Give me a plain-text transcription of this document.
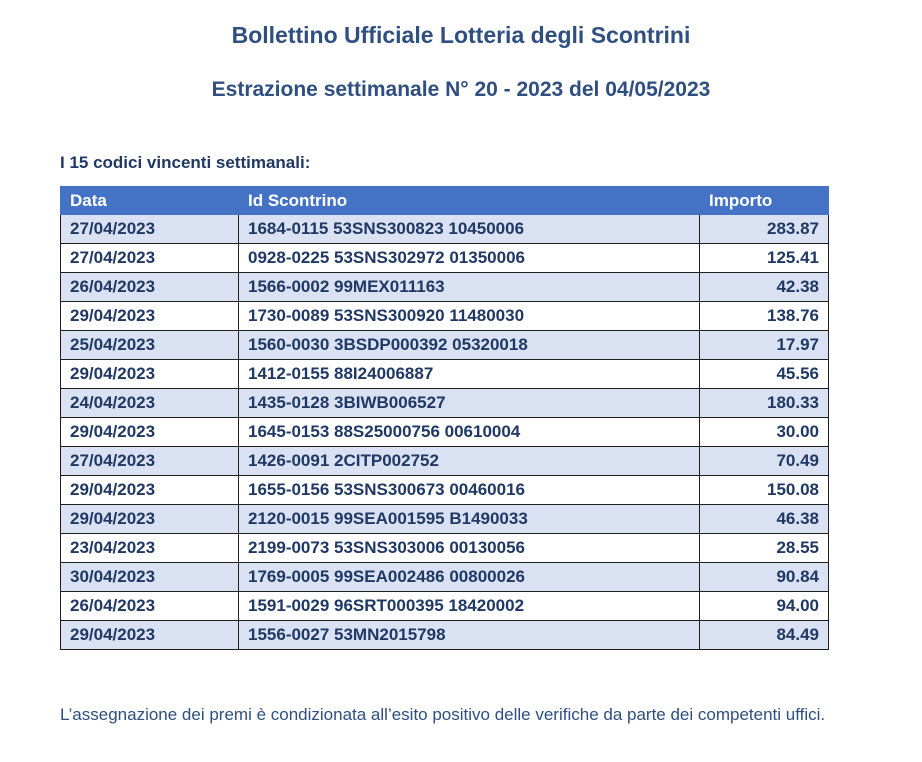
Bollettino Ufficiale Lotteria degli Scontrini
Estrazione settimanale N° 20 - 2023 del 04/05/2023
I 15 codici vincenti settimanali:
Data	Id Scontrino	Importo
27/04/2023	1684-0115 53SNS300823 10450006	283.87
27/04/2023	0928-0225 53SNS302972 01350006	125.41
26/04/2023	1566-0002 99MEX011163	42.38
29/04/2023	1730-0089 53SNS300920 11480030	138.76
25/04/2023	1560-0030 3BSDP000392 05320018	17.97
29/04/2023	1412-0155 88I24006887	45.56
24/04/2023	1435-0128 3BIWB006527	180.33
29/04/2023	1645-0153 88S25000756 00610004	30.00
27/04/2023	1426-0091 2CITP002752	70.49
29/04/2023	1655-0156 53SNS300673 00460016	150.08
29/04/2023	2120-0015 99SEA001595 B1490033	46.38
23/04/2023	2199-0073 53SNS303006 00130056	28.55
30/04/2023	1769-0005 99SEA002486 00800026	90.84
26/04/2023	1591-0029 96SRT000395 18420002	94.00
29/04/2023	1556-0027 53MN2015798	84.49
L’assegnazione dei premi è condizionata all’esito positivo delle verifiche da parte dei competenti uffici.
